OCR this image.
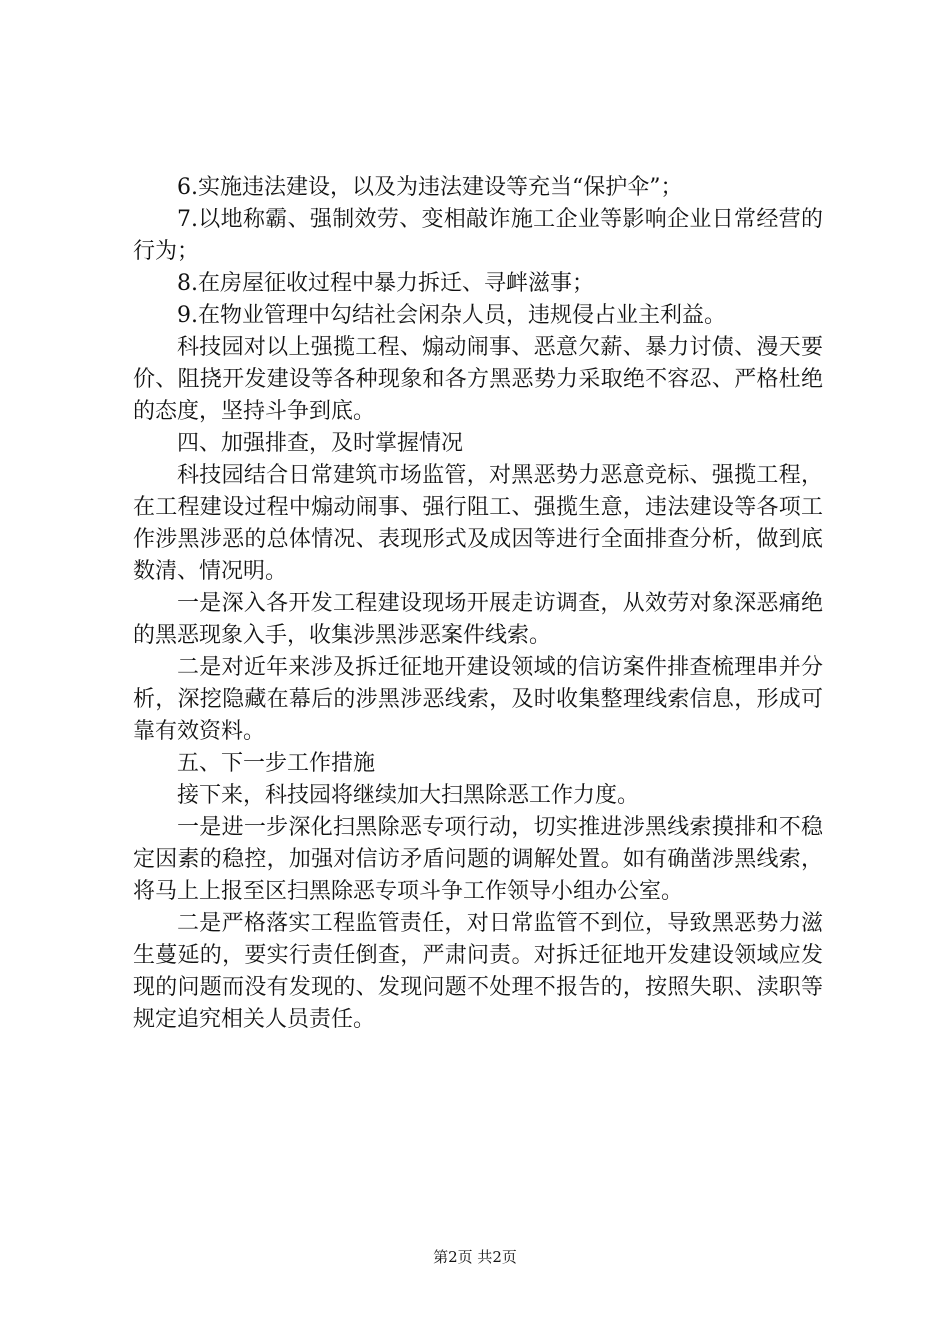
6.实施违法建设，以及为违法建设等充当“保护伞”；

7.以地称霸、强制效劳、变相敲诈施工企业等影响企业日常经营的行为；

8.在房屋征收过程中暴力拆迁、寻衅滋事；

9.在物业管理中勾结社会闲杂人员，违规侵占业主利益。

科技园对以上强揽工程、煽动闹事、恶意欠薪、暴力讨债、漫天要价、阻挠开发建设等各种现象和各方黑恶势力采取绝不容忍、严格杜绝的态度，坚持斗争到底。

四、加强排查，及时掌握情况

科技园结合日常建筑市场监管，对黑恶势力恶意竞标、强揽工程，在工程建设过程中煽动闹事、强行阻工、强揽生意，违法建设等各项工作涉黑涉恶的总体情况、表现形式及成因等进行全面排查分析，做到底数清、情况明。

一是深入各开发工程建设现场开展走访调查，从效劳对象深恶痛绝的黑恶现象入手，收集涉黑涉恶案件线索。

二是对近年来涉及拆迁征地开建设领域的信访案件排查梳理串并分析，深挖隐藏在幕后的涉黑涉恶线索，及时收集整理线索信息，形成可靠有效资料。

五、下一步工作措施

接下来，科技园将继续加大扫黑除恶工作力度。

一是进一步深化扫黑除恶专项行动，切实推进涉黑线索摸排和不稳定因素的稳控，加强对信访矛盾问题的调解处置。如有确凿涉黑线索，将马上上报至区扫黑除恶专项斗争工作领导小组办公室。

二是严格落实工程监管责任，对日常监管不到位，导致黑恶势力滋生蔓延的，要实行责任倒查，严肃问责。对拆迁征地开发建设领域应发现的问题而没有发现的、发现问题不处理不报告的，按照失职、渎职等规定追究相关人员责任。

第2页 共2页
